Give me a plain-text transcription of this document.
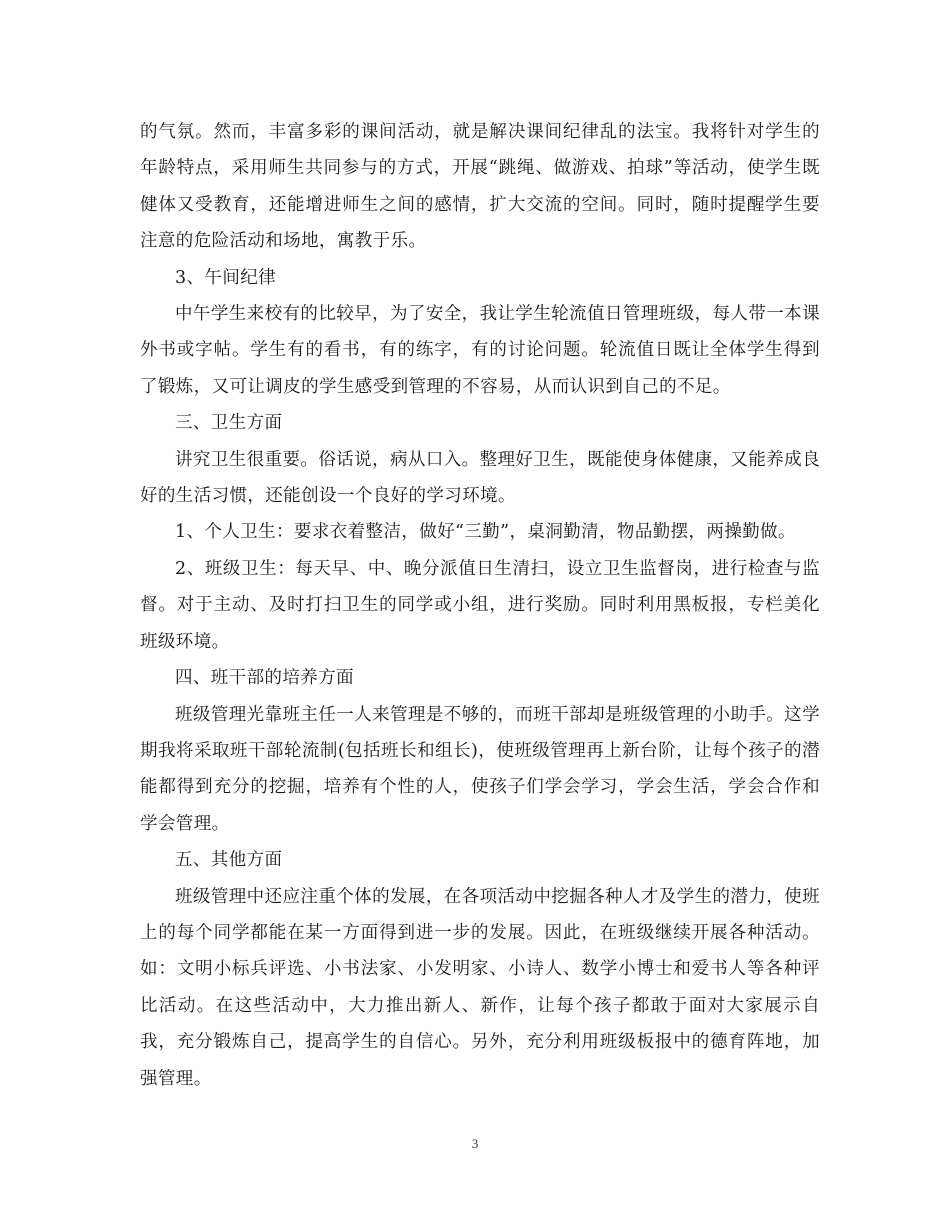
的气氛。然而，丰富多彩的课间活动，就是解决课间纪律乱的法宝。我将针对学生的年龄特点，采用师生共同参与的方式，开展“跳绳、做游戏、拍球”等活动，使学生既健体又受教育，还能增进师生之间的感情，扩大交流的空间。同时，随时提醒学生要注意的危险活动和场地，寓教于乐。

3、午间纪律

中午学生来校有的比较早，为了安全，我让学生轮流值日管理班级，每人带一本课外书或字帖。学生有的看书，有的练字，有的讨论问题。轮流值日既让全体学生得到了锻炼，又可让调皮的学生感受到管理的不容易，从而认识到自己的不足。

三、卫生方面

讲究卫生很重要。俗话说，病从口入。整理好卫生，既能使身体健康，又能养成良好的生活习惯，还能创设一个良好的学习环境。

1、个人卫生：要求衣着整洁，做好“三勤”，桌洞勤清，物品勤摆，两操勤做。

2、班级卫生：每天早、中、晚分派值日生清扫，设立卫生监督岗，进行检查与监督。对于主动、及时打扫卫生的同学或小组，进行奖励。同时利用黑板报，专栏美化班级环境。

四、班干部的培养方面

班级管理光靠班主任一人来管理是不够的，而班干部却是班级管理的小助手。这学期我将采取班干部轮流制(包括班长和组长)，使班级管理再上新台阶，让每个孩子的潜能都得到充分的挖掘，培养有个性的人，使孩子们学会学习，学会生活，学会合作和学会管理。

五、其他方面

班级管理中还应注重个体的发展，在各项活动中挖掘各种人才及学生的潜力，使班上的每个同学都能在某一方面得到进一步的发展。因此，在班级继续开展各种活动。如：文明小标兵评选、小书法家、小发明家、小诗人、数学小博士和爱书人等各种评比活动。在这些活动中，大力推出新人、新作，让每个孩子都敢于面对大家展示自我，充分锻炼自己，提高学生的自信心。另外，充分利用班级板报中的德育阵地，加强管理。

3
